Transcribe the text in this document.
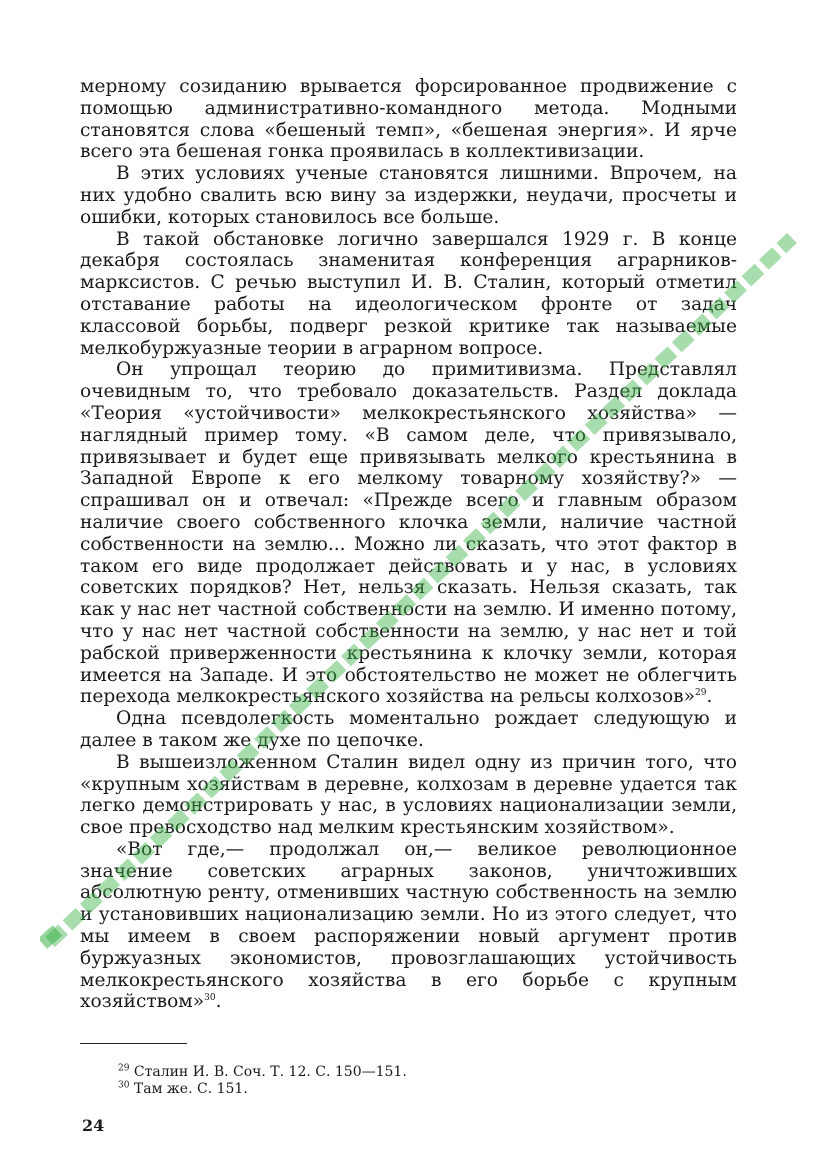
мерному созиданию врывается форсированное продвижение с помощью административно-командного метода. Модными становятся слова «бешеный темп», «бешеная энергия». И ярче всего эта бешеная гонка проявилась в коллективизации.

В этих условиях ученые становятся лишними. Впрочем, на них удобно свалить всю вину за издержки, неудачи, просчеты и ошибки, которых становилось все больше.

В такой обстановке логично завершался 1929 г. В конце декабря состоялась знаменитая конференция аграрников-марксистов. С речью выступил И. В. Сталин, который отметил отставание работы на идеологическом фронте от задач классовой борьбы, подверг резкой критике так называемые мелкобуржуазные теории в аграрном вопросе.

Он упрощал теорию до примитивизма. Представлял очевидным то, что требовало доказательств. Раздел доклада «Теория «устойчивости» мелкокрестьянского хозяйства» — наглядный пример тому. «В самом деле, что привязывало, привязывает и будет еще привязывать мелкого крестьянина в Западной Европе к его мелкому товарному хозяйству?» — спрашивал он и отвечал: «Прежде всего и главным образом наличие своего собственного клочка земли, наличие частной собственности на землю... Можно ли сказать, что этот фактор в таком его виде продолжает действовать и у нас, в условиях советских порядков? Нет, нельзя сказать. Нельзя сказать, так как у нас нет частной собственности на землю. И именно потому, что у нас нет частной собственности на землю, у нас нет и той рабской приверженности крестьянина к клочку земли, которая имеется на Западе. И это обстоятельство не может не облегчить перехода мелкокрестьянского хозяйства на рельсы колхозов»$^{29}$.

Одна псевдолегкость моментально рождает следующую и далее в таком же духе по цепочке.

В вышеизложенном Сталин видел одну из причин того, что «крупным хозяйствам в деревне, колхозам в деревне удается так легко демонстрировать у нас, в условиях национализации земли, свое превосходство над мелким крестьянским хозяйством».

«Вот где,— продолжал он,— великое революционное значение советских аграрных законов, уничтоживших абсолютную ренту, отменивших частную собственность на землю и установивших национализацию земли. Но из этого следует, что мы имеем в своем распоряжении новый аргумент против буржуазных экономистов, провозглашающих устойчивость мелкокрестьянского хозяйства в его борьбе с крупным хозяйством»$^{30}$.

$^{29}$ Сталин И. В. Соч. Т. 12. С. 150—151.
$^{30}$ Там же. С. 151.
24
